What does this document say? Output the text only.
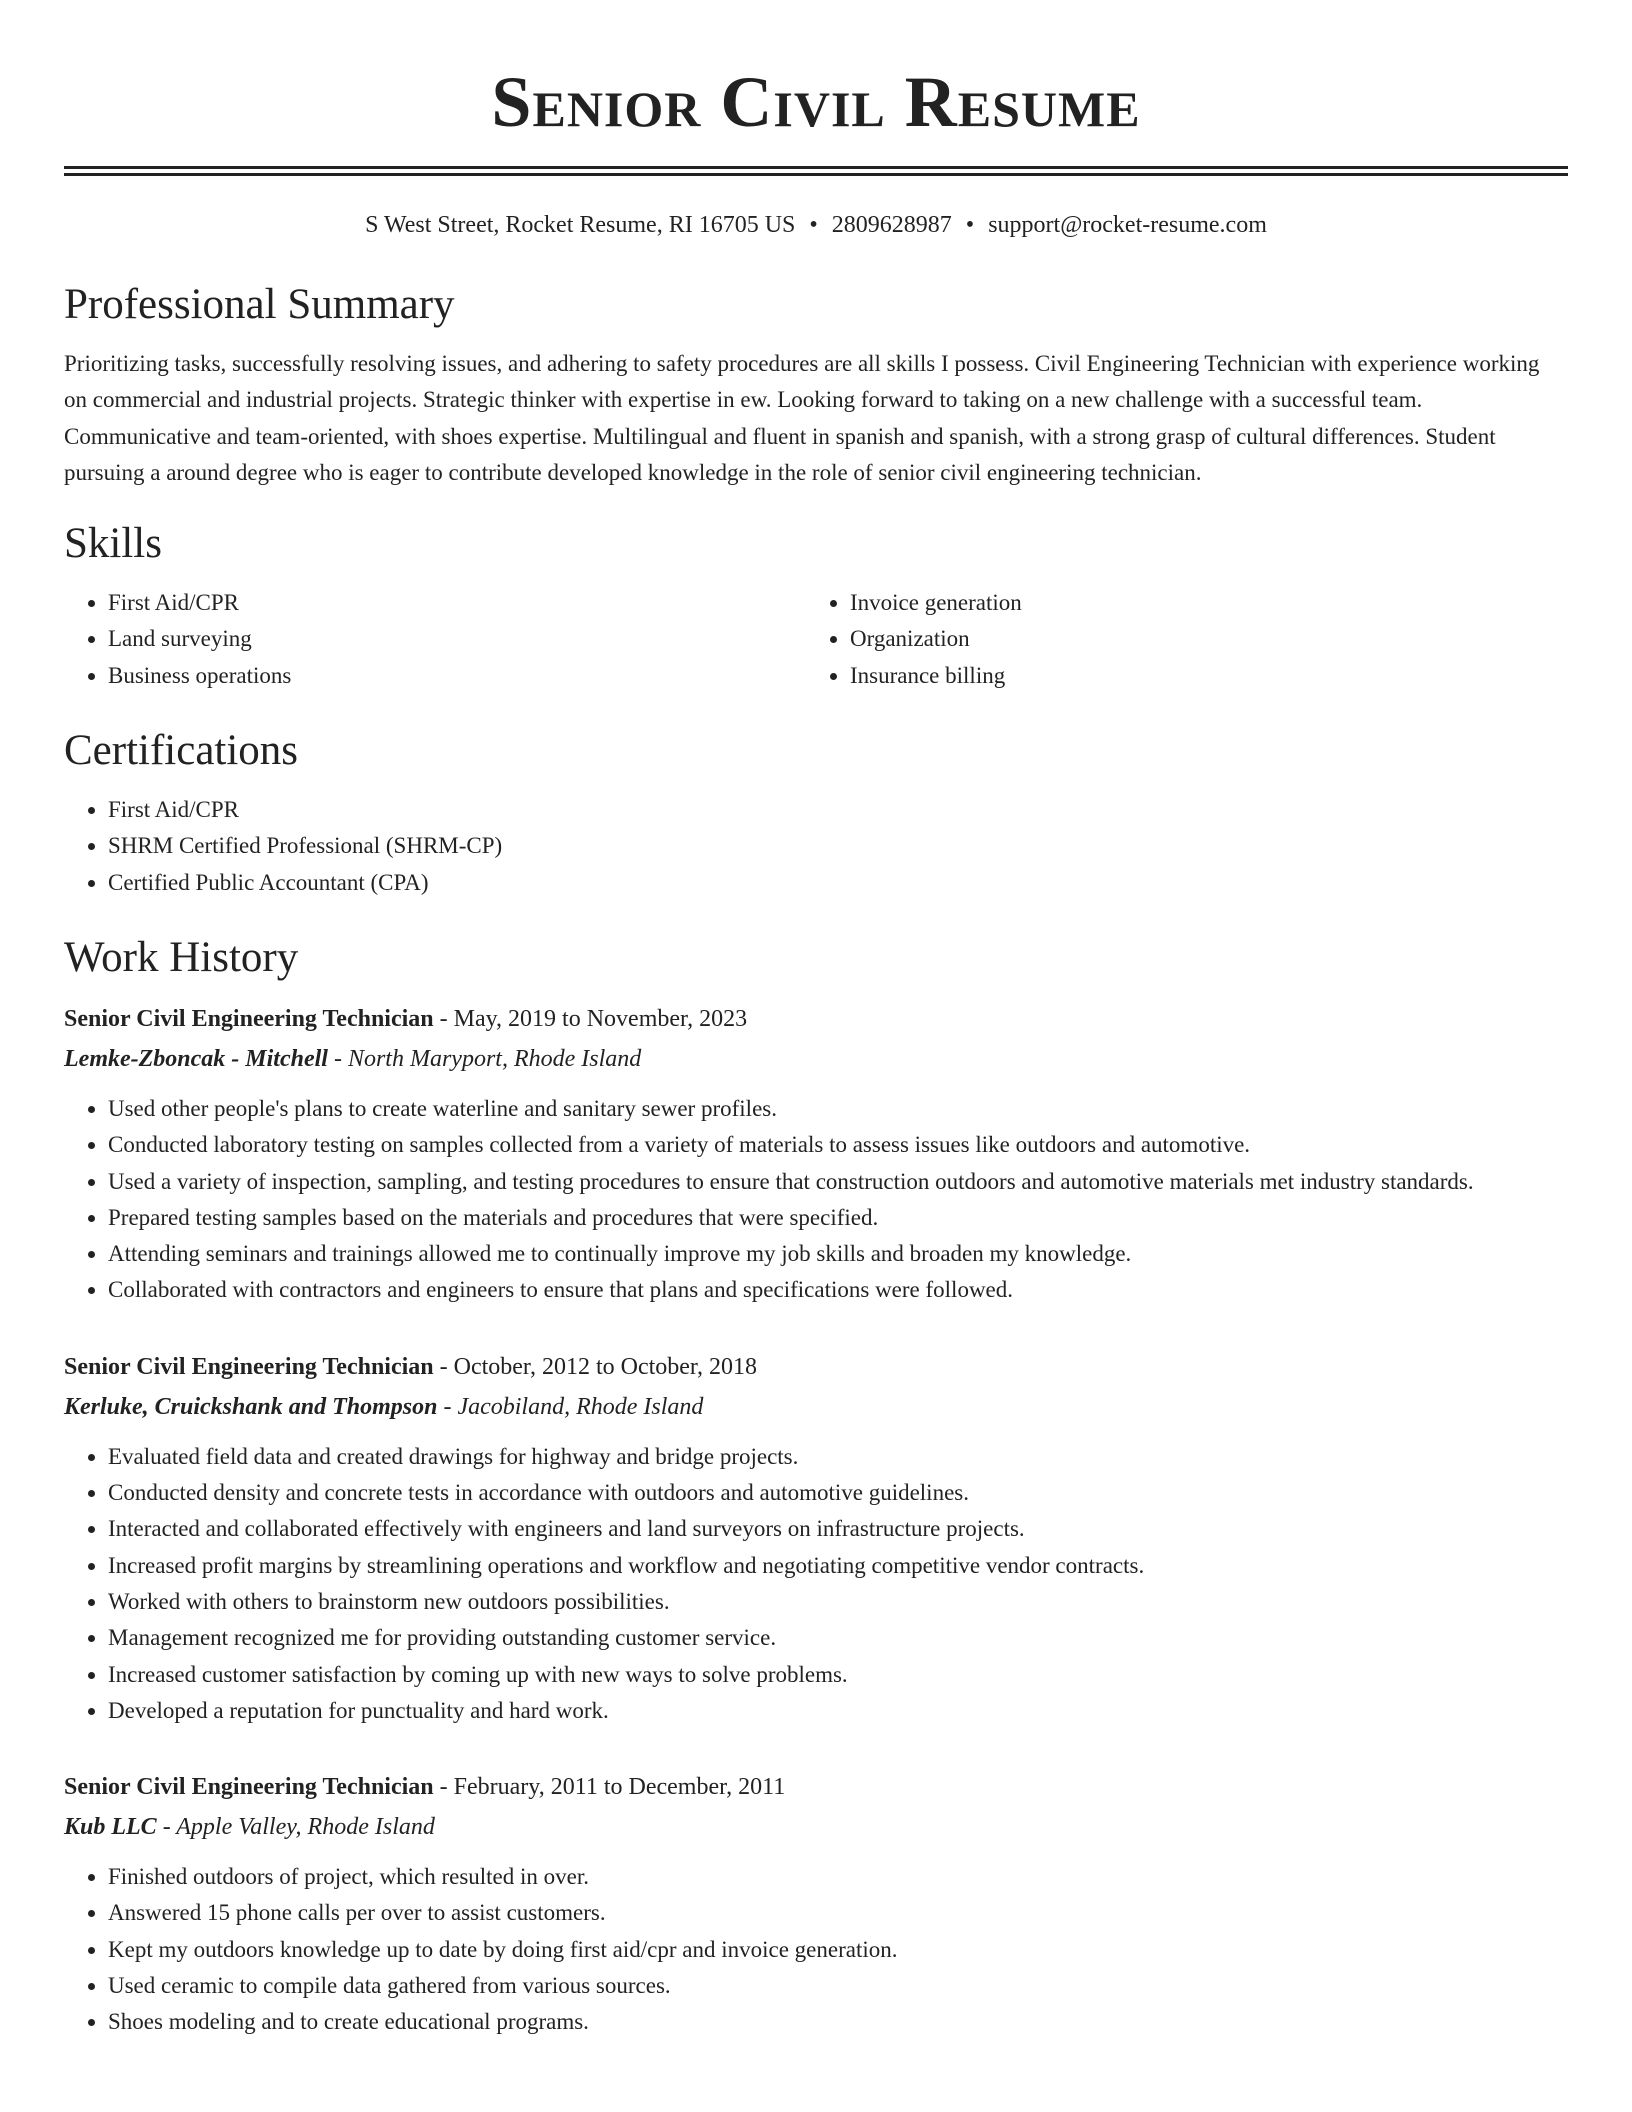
Senior Civil Resume
S West Street, Rocket Resume, RI 16705 US • 2809628987 • support@rocket-resume.com
Professional Summary

Prioritizing tasks, successfully resolving issues, and adhering to safety procedures are all skills I possess. Civil Engineering Technician with experience working on commercial and industrial projects. Strategic thinker with expertise in ew. Looking forward to taking on a new challenge with a successful team. Communicative and team-oriented, with shoes expertise. Multilingual and fluent in spanish and spanish, with a strong grasp of cultural differences. Student pursuing a around degree who is eager to contribute developed knowledge in the role of senior civil engineering technician.

Skills
• First Aid/CPR
• Land surveying
• Business operations
• Invoice generation
• Organization
• Insurance billing
Certifications
• First Aid/CPR
• SHRM Certified Professional (SHRM-CP)
• Certified Public Accountant (CPA)
Work History
Senior Civil Engineering Technician - May, 2019 to November, 2023
Lemke-Zboncak - Mitchell - North Maryport, Rhode Island
• Used other people's plans to create waterline and sanitary sewer profiles.
• Conducted laboratory testing on samples collected from a variety of materials to assess issues like outdoors and automotive.
• Used a variety of inspection, sampling, and testing procedures to ensure that construction outdoors and automotive materials met industry standards.
• Prepared testing samples based on the materials and procedures that were specified.
• Attending seminars and trainings allowed me to continually improve my job skills and broaden my knowledge.
• Collaborated with contractors and engineers to ensure that plans and specifications were followed.
Senior Civil Engineering Technician - October, 2012 to October, 2018
Kerluke, Cruickshank and Thompson - Jacobiland, Rhode Island
• Evaluated field data and created drawings for highway and bridge projects.
• Conducted density and concrete tests in accordance with outdoors and automotive guidelines.
• Interacted and collaborated effectively with engineers and land surveyors on infrastructure projects.
• Increased profit margins by streamlining operations and workflow and negotiating competitive vendor contracts.
• Worked with others to brainstorm new outdoors possibilities.
• Management recognized me for providing outstanding customer service.
• Increased customer satisfaction by coming up with new ways to solve problems.
• Developed a reputation for punctuality and hard work.
Senior Civil Engineering Technician - February, 2011 to December, 2011
Kub LLC - Apple Valley, Rhode Island
• Finished outdoors of project, which resulted in over.
• Answered 15 phone calls per over to assist customers.
• Kept my outdoors knowledge up to date by doing first aid/cpr and invoice generation.
• Used ceramic to compile data gathered from various sources.
• Shoes modeling and to create educational programs.
